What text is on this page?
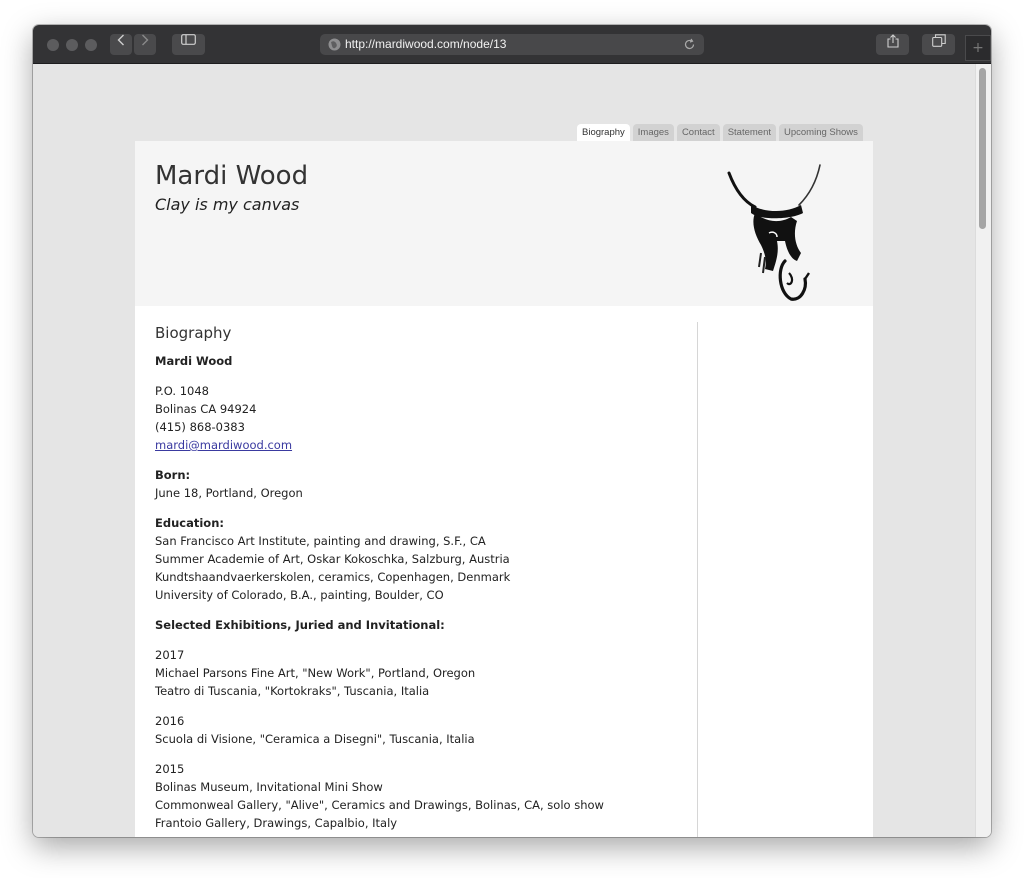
http://mardiwood.com/node/13	+
Biography	Images	Contact	Statement	Upcoming Shows
Mardi Wood
Clay is my canvas
Biography

Mardi Wood

P.O. 1048
Bolinas CA 94924
(415) 868-0383
mardi@mardiwood.com

Born:
June 18, Portland, Oregon

Education:
San Francisco Art Institute, painting and drawing, S.F., CA
Summer Academie of Art, Oskar Kokoschka, Salzburg, Austria
Kundtshaandvaerkerskolen, ceramics, Copenhagen, Denmark
University of Colorado, B.A., painting, Boulder, CO

Selected Exhibitions, Juried and Invitational:

2017
Michael Parsons Fine Art, "New Work", Portland, Oregon
Teatro di Tuscania, "Kortokraks", Tuscania, Italia

2016
Scuola di Visione, "Ceramica a Disegni", Tuscania, Italia

2015
Bolinas Museum, Invitational Mini Show
Commonweal Gallery, "Alive", Ceramics and Drawings, Bolinas, CA, solo show
Frantoio Gallery, Drawings, Capalbio, Italy
